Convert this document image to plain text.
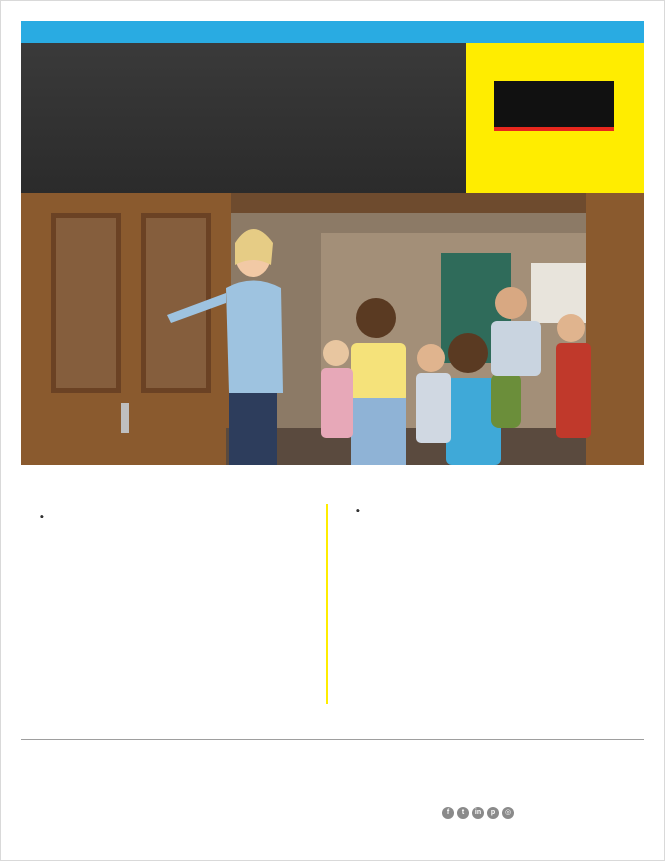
f	t	in	p	◎
